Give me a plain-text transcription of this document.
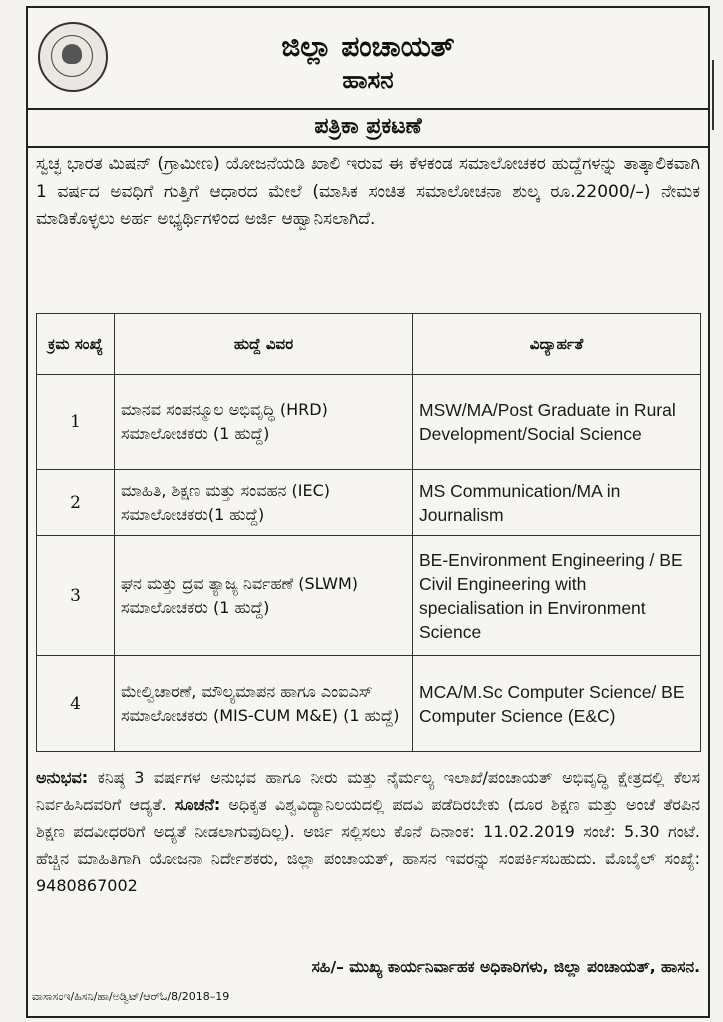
ಜಿಲ್ಲಾ ಪಂಚಾಯತ್
ಹಾಸನ
ಪತ್ರಿಕಾ ಪ್ರಕಟಣೆ
ಸ್ವಚ್ಛ ಭಾರತ ಮಿಷನ್ (ಗ್ರಾಮೀಣ) ಯೋಜನೆಯಡಿ ಖಾಲಿ ಇರುವ ಈ ಕೆಳಕಂಡ ಸಮಾಲೋಚಕರ ಹುದ್ದೆಗಳನ್ನು ತಾತ್ಕಾಲಿಕವಾಗಿ 1 ವರ್ಷದ ಅವಧಿಗೆ ಗುತ್ತಿಗೆ ಆಧಾರದ ಮೇಲೆ (ಮಾಸಿಕ ಸಂಚಿತ ಸಮಾಲೋಚನಾ ಶುಲ್ಕ ರೂ.22000/–) ನೇಮಕ ಮಾಡಿಕೊಳ್ಳಲು ಅರ್ಹ ಅಭ್ಯರ್ಥಿಗಳಿಂದ ಅರ್ಜಿ ಆಹ್ವಾನಿಸಲಾಗಿದೆ.
ಕ್ರಮ ಸಂಖ್ಯೆ	ಹುದ್ದೆ ವಿವರ	ವಿದ್ಯಾರ್ಹತೆ
1	ಮಾನವ ಸಂಪನ್ಮೂಲ ಅಭಿವೃದ್ಧಿ (HRD) ಸಮಾಲೋಚಕರು (1 ಹುದ್ದೆ)	MSW/MA/Post Graduate in Rural Development/Social Science
2	ಮಾಹಿತಿ, ಶಿಕ್ಷಣ ಮತ್ತು ಸಂವಹನ (IEC) ಸಮಾಲೋಚಕರು(1 ಹುದ್ದೆ)	MS Communication/MA in Journalism
3	ಘನ ಮತ್ತು ದ್ರವ ತ್ಯಾಜ್ಯ ನಿರ್ವಹಣೆ (SLWM) ಸಮಾಲೋಚಕರು (1 ಹುದ್ದೆ)	BE-Environment Engineering / BE Civil Engineering with specialisation in Environment Science
4	ಮೇಲ್ವಿಚಾರಣೆ, ಮೌಲ್ಯಮಾಪನ ಹಾಗೂ ಎಂಐಎಸ್ ಸಮಾಲೋಚಕರು (MIS-CUM M&E) (1 ಹುದ್ದೆ)	MCA/M.Sc Computer Science/ BE Computer Science (E&C)
ಅನುಭವ: ಕನಿಷ್ಠ 3 ವರ್ಷಗಳ ಅನುಭವ ಹಾಗೂ ನೀರು ಮತ್ತು ನೈರ್ಮಲ್ಯ ಇಲಾಖೆ/ಪಂಚಾಯತ್ ಅಭಿವೃದ್ಧಿ ಕ್ಷೇತ್ರದಲ್ಲಿ ಕೆಲಸ ನಿರ್ವಹಿಸಿದವರಿಗೆ ಆದ್ಯತೆ. ಸೂಚನೆ: ಅಧಿಕೃತ ವಿಶ್ವವಿದ್ಯಾನಿಲಯದಲ್ಲಿ ಪದವಿ ಪಡೆದಿರಬೇಕು (ದೂರ ಶಿಕ್ಷಣ ಮತ್ತು ಅಂಚೆ ತೆರಪಿನ ಶಿಕ್ಷಣ ಪದವೀಧರರಿಗೆ ಅದ್ಯತೆ ನೀಡಲಾಗುವುದಿಲ್ಲ). ಅರ್ಜಿ ಸಲ್ಲಿಸಲು ಕೊನೆ ದಿನಾಂಕ: 11.02.2019 ಸಂಜೆ: 5.30 ಗಂಟೆ. ಹೆಚ್ಚಿನ ಮಾಹಿತಿಗಾಗಿ ಯೋಜನಾ ನಿರ್ದೇಶಕರು, ಜಿಲ್ಲಾ ಪಂಚಾಯತ್, ಹಾಸನ ಇವರನ್ನು ಸಂಪರ್ಕಿಸಬಹುದು. ಮೊಬೈಲ್ ಸಂಖ್ಯೆ: 9480867002
ಸಹಿ/– ಮುಖ್ಯ ಕಾರ್ಯನಿರ್ವಾಹಕ ಅಧಿಕಾರಿಗಳು, ಜಿಲ್ಲಾ ಪಂಚಾಯತ್, ಹಾಸನ.
ವಾಸಾಸಂಇ/ಹಿಸನಿ/ಹಾ/ಅಡ್ವಿಟ್/ಆರ್‌ಓ/8/2018–19
